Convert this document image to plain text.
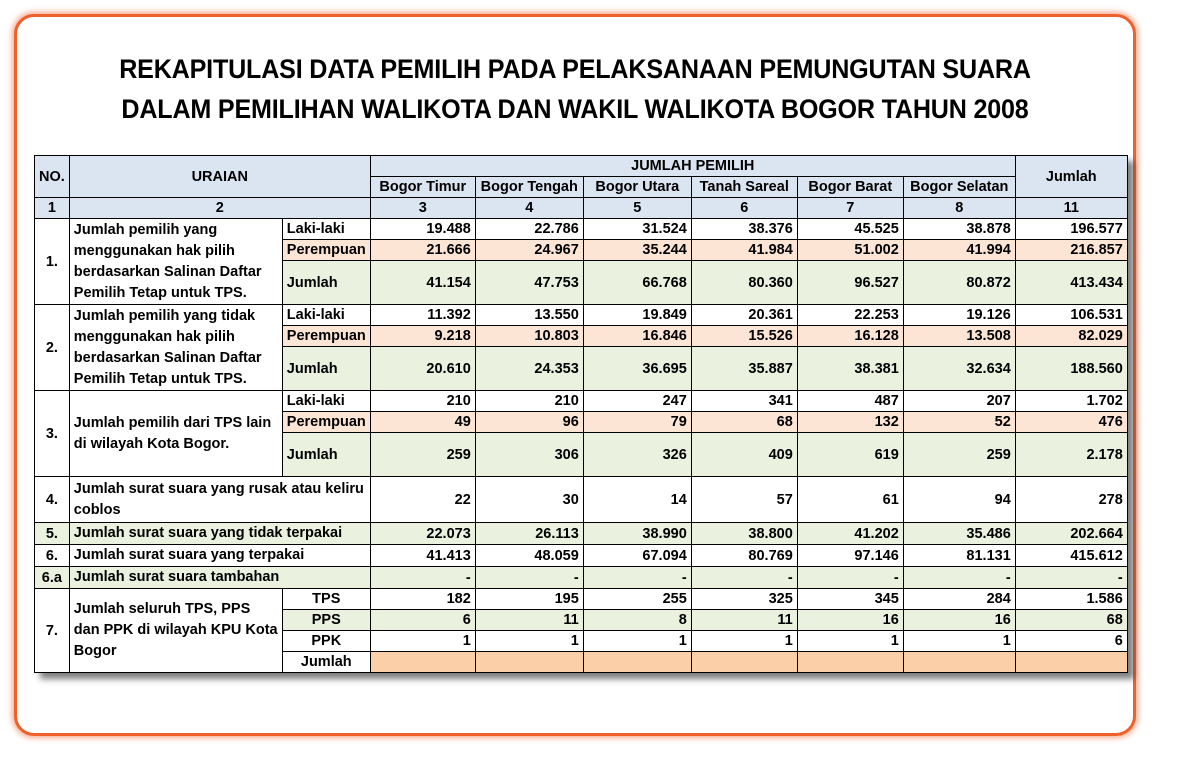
REKAPITULASI DATA PEMILIH PADA PELAKSANAAN PEMUNGUTAN SUARA
DALAM PEMILIHAN WALIKOTA DAN WAKIL WALIKOTA BOGOR TAHUN 2008
NO.	URAIAN		JUMLAH PEMILIH						Jumlah
			Bogor Timur	Bogor Tengah	Bogor Utara	Tanah Sareal	Bogor Barat	Bogor Selatan	
1	2		3	4	5	6	7	8	11
1.	Jumlah pemilih yang menggunakan hak pilih berdasarkan Salinan Daftar Pemilih Tetap untuk TPS.	Laki-laki	19.488	22.786	31.524	38.376	45.525	38.878	196.577
		Perempuan	21.666	24.967	35.244	41.984	51.002	41.994	216.857
		Jumlah	41.154	47.753	66.768	80.360	96.527	80.872	413.434
2.	Jumlah pemilih yang tidak menggunakan hak pilih berdasarkan Salinan Daftar Pemilih Tetap untuk TPS.	Laki-laki	11.392	13.550	19.849	20.361	22.253	19.126	106.531
		Perempuan	9.218	10.803	16.846	15.526	16.128	13.508	82.029
		Jumlah	20.610	24.353	36.695	35.887	38.381	32.634	188.560
3.	Jumlah pemilih dari TPS lain di wilayah Kota Bogor.	Laki-laki	210	210	247	341	487	207	1.702
		Perempuan	49	96	79	68	132	52	476
		Jumlah	259	306	326	409	619	259	2.178
4.	Jumlah surat suara yang rusak atau keliru coblos		22	30	14	57	61	94	278
5.	Jumlah surat suara yang tidak terpakai		22.073	26.113	38.990	38.800	41.202	35.486	202.664
6.	Jumlah surat suara yang terpakai		41.413	48.059	67.094	80.769	97.146	81.131	415.612
6.a	Jumlah surat suara tambahan		-	-	-	-	-	-	-
7.	Jumlah seluruh TPS, PPS dan PPK di wilayah KPU Kota Bogor	TPS	182	195	255	325	345	284	1.586
		PPS	6	11	8	11	16	16	68
		PPK	1	1	1	1	1	1	6
		Jumlah							
